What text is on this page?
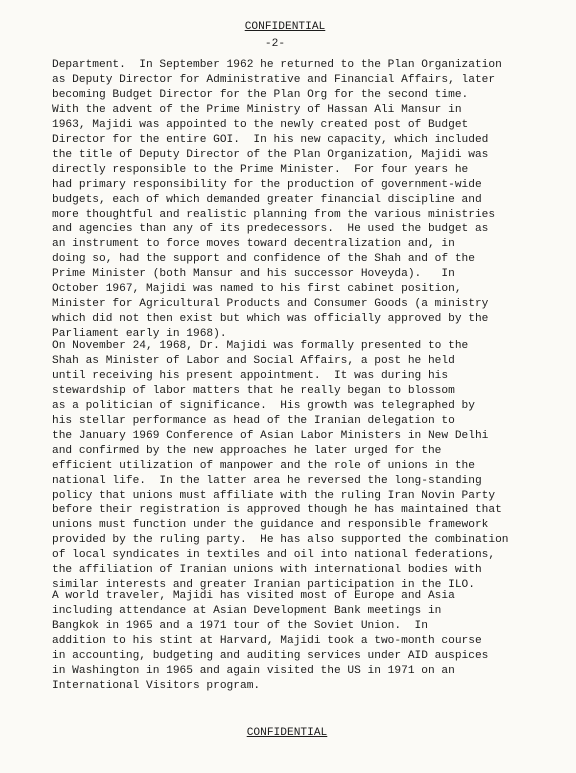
CONFIDENTIAL
-2-
Department.  In September 1962 he returned to the Plan Organization
as Deputy Director for Administrative and Financial Affairs, later
becoming Budget Director for the Plan Org for the second time.
With the advent of the Prime Ministry of Hassan Ali Mansur in
1963, Majidi was appointed to the newly created post of Budget
Director for the entire GOI.  In his new capacity, which included
the title of Deputy Director of the Plan Organization, Majidi was
directly responsible to the Prime Minister.  For four years he
had primary responsibility for the production of government-wide
budgets, each of which demanded greater financial discipline and
more thoughtful and realistic planning from the various ministries
and agencies than any of its predecessors.  He used the budget as
an instrument to force moves toward decentralization and, in
doing so, had the support and confidence of the Shah and of the
Prime Minister (both Mansur and his successor Hoveyda).   In
October 1967, Majidi was named to his first cabinet position,
Minister for Agricultural Products and Consumer Goods (a ministry
which did not then exist but which was officially approved by the
Parliament early in 1968).
On November 24, 1968, Dr. Majidi was formally presented to the
Shah as Minister of Labor and Social Affairs, a post he held
until receiving his present appointment.  It was during his
stewardship of labor matters that he really began to blossom
as a politician of significance.  His growth was telegraphed by
his stellar performance as head of the Iranian delegation to
the January 1969 Conference of Asian Labor Ministers in New Delhi
and confirmed by the new approaches he later urged for the
efficient utilization of manpower and the role of unions in the
national life.  In the latter area he reversed the long-standing
policy that unions must affiliate with the ruling Iran Novin Party
before their registration is approved though he has maintained that
unions must function under the guidance and responsible framework
provided by the ruling party.  He has also supported the combination
of local syndicates in textiles and oil into national federations,
the affiliation of Iranian unions with international bodies with
similar interests and greater Iranian participation in the ILO.
A world traveler, Majidi has visited most of Europe and Asia
including attendance at Asian Development Bank meetings in
Bangkok in 1965 and a 1971 tour of the Soviet Union.  In
addition to his stint at Harvard, Majidi took a two-month course
in accounting, budgeting and auditing services under AID auspices
in Washington in 1965 and again visited the US in 1971 on an
International Visitors program.
CONFIDENTIAL
